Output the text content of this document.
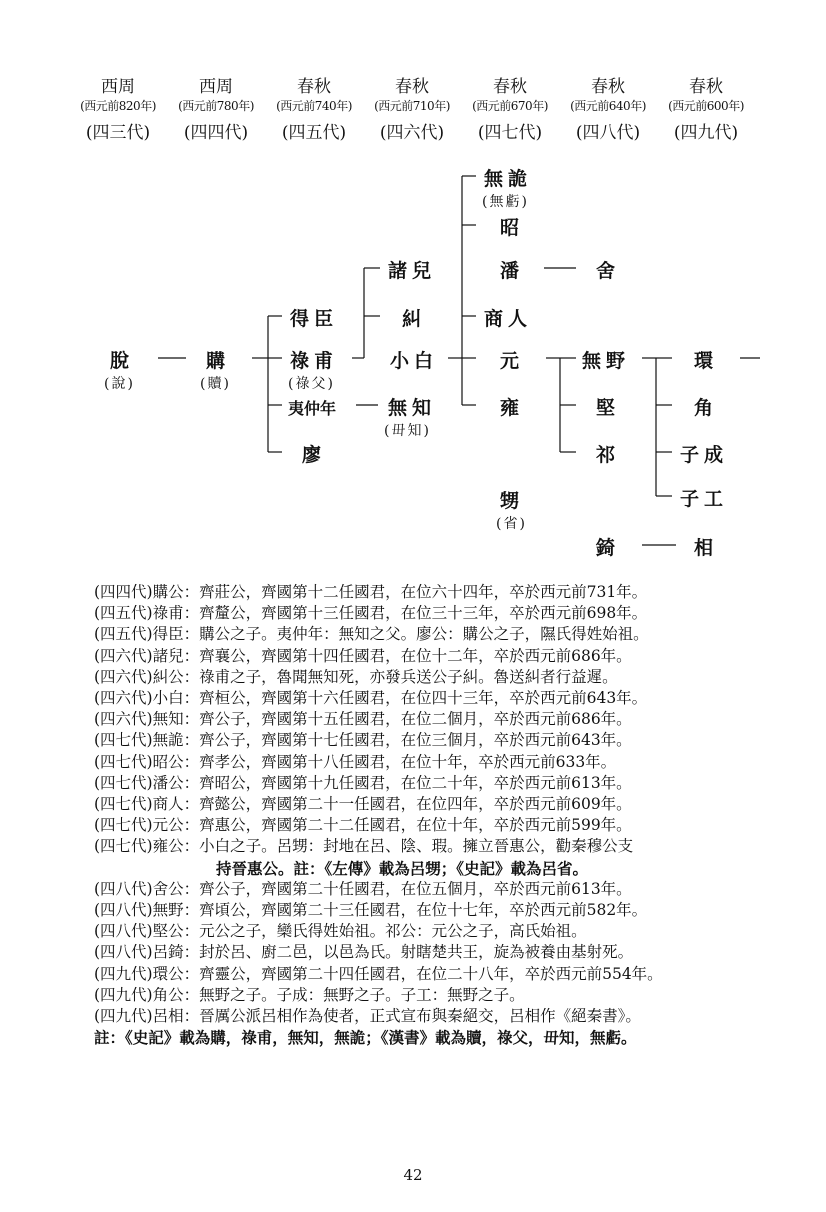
西周	西周	春秋	春秋	春秋	春秋	春秋
(西元前820年)	(西元前780年)	(西元前740年)	(西元前710年)	(西元前670年)	(西元前640年)	(西元前600年)
(四三代)	(四四代)	(四五代)	(四六代)	(四七代)	(四八代)	(四九代)
脫
(說)
購
(贖)
得臣
祿甫
(祿父)
夷仲年
廖
諸兒
糾
小白
無知
(毌知)
無詭
(無虧)
昭
潘
商人
元
雍
甥
(省)
舍
無野
堅
祁
錡
環
角
子成
子工
相
(四四代)購公：齊莊公，齊國第十二任國君，在位六十四年，卒於西元前731年。
(四五代)祿甫：齊釐公，齊國第十三任國君，在位三十三年，卒於西元前698年。
(四五代)得臣：購公之子。夷仲年：無知之父。廖公：購公之子，隰氏得姓始祖。
(四六代)諸兒：齊襄公，齊國第十四任國君，在位十二年，卒於西元前686年。
(四六代)糾公：祿甫之子，魯聞無知死，亦發兵送公子糾。魯送糾者行益遲。
(四六代)小白：齊桓公，齊國第十六任國君，在位四十三年，卒於西元前643年。
(四六代)無知：齊公子，齊國第十五任國君，在位二個月，卒於西元前686年。
(四七代)無詭：齊公子，齊國第十七任國君，在位三個月，卒於西元前643年。
(四七代)昭公：齊孝公，齊國第十八任國君，在位十年，卒於西元前633年。
(四七代)潘公：齊昭公，齊國第十九任國君，在位二十年，卒於西元前613年。
(四七代)商人：齊懿公，齊國第二十一任國君，在位四年，卒於西元前609年。
(四七代)元公：齊惠公，齊國第二十二任國君，在位十年，卒於西元前599年。
(四七代)雍公：小白之子。呂甥：封地在呂、陰、瑕。擁立晉惠公，勸秦穆公支
持晉惠公。註：《左傳》載為呂甥；《史記》載為呂省。
(四八代)舍公：齊公子，齊國第二十任國君，在位五個月，卒於西元前613年。
(四八代)無野：齊頃公，齊國第二十三任國君，在位十七年，卒於西元前582年。
(四八代)堅公：元公之子，欒氏得姓始祖。祁公：元公之子，高氏始祖。
(四八代)呂錡：封於呂、廚二邑，以邑為氏。射瞎楚共王，旋為被養由基射死。
(四九代)環公：齊靈公，齊國第二十四任國君，在位二十八年，卒於西元前554年。
(四九代)角公：無野之子。子成：無野之子。子工：無野之子。
(四九代)呂相：晉厲公派呂相作為使者，正式宣布與秦絕交，呂相作《絕秦書》。
註：《史記》載為購，祿甫，無知，無詭；《漢書》載為贖，祿父，毌知，無虧。
42
